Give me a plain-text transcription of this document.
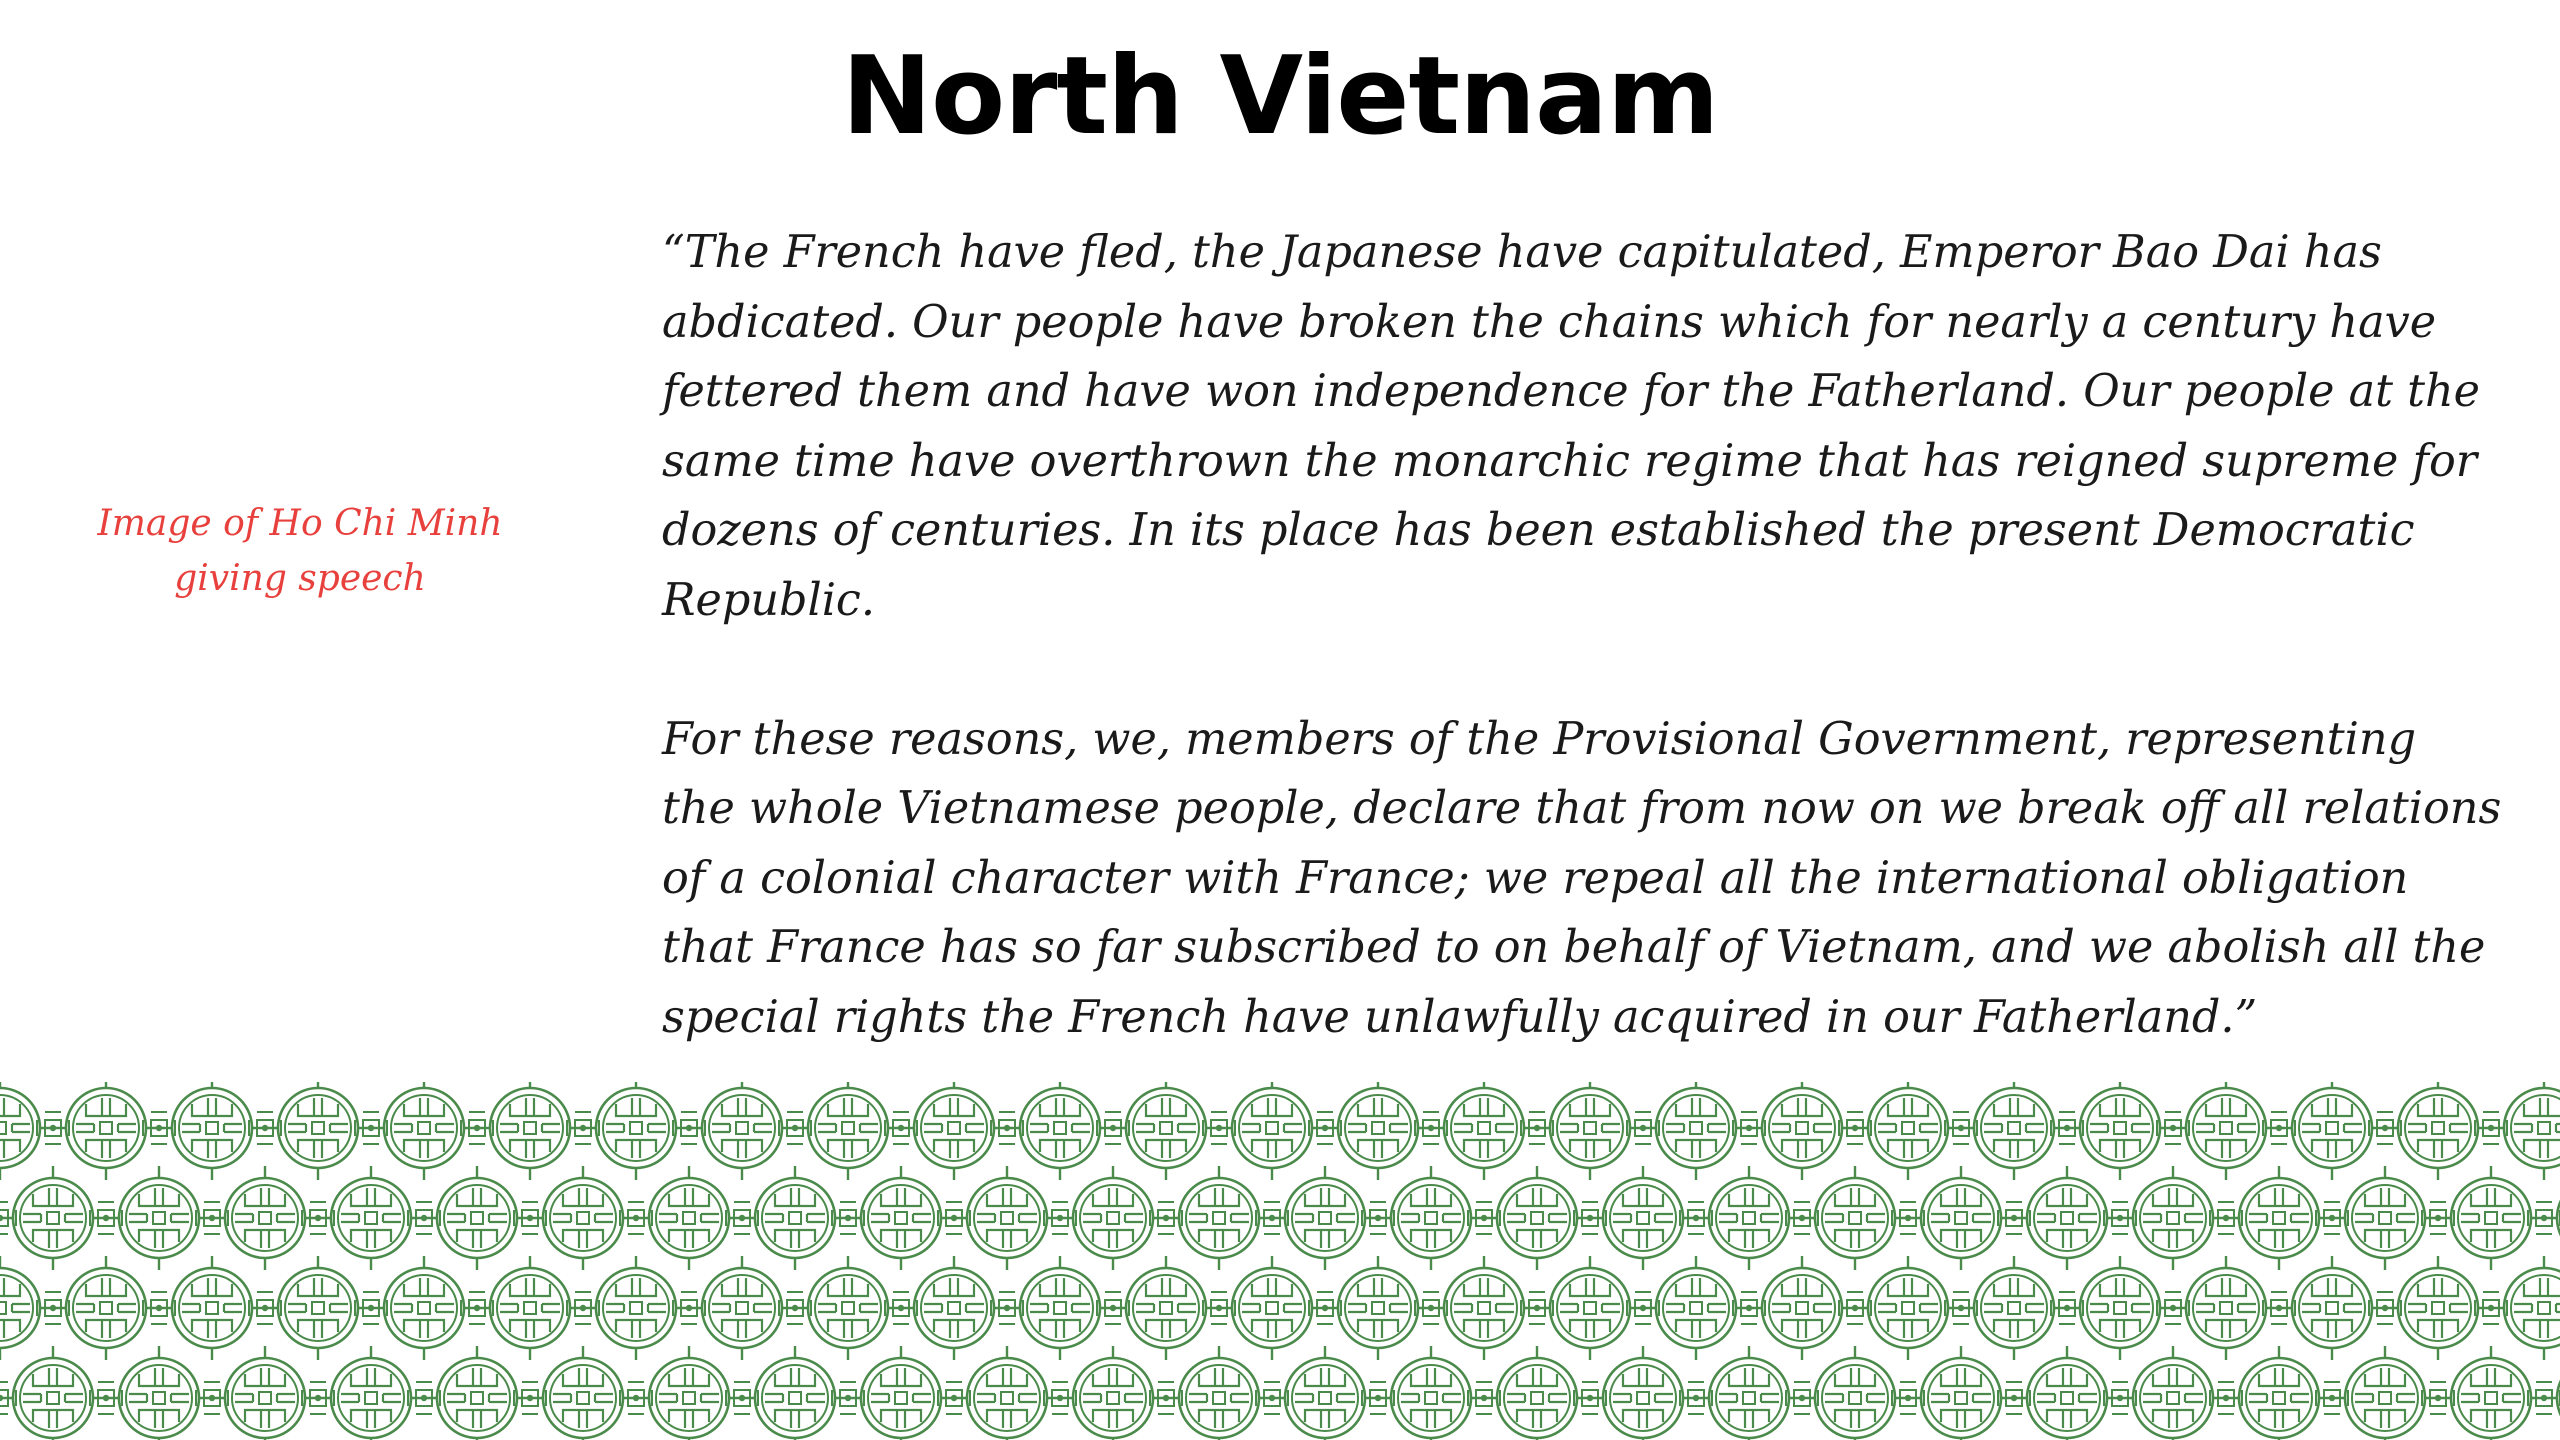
North Vietnam
Image of Ho Chi Minh giving speech

“The French have fled, the Japanese have capitulated, Emperor Bao Dai has abdicated. Our people have broken the chains which for nearly a century have fettered them and have won independence for the Fatherland. Our people at the same time have overthrown the monarchic regime that has reigned supreme for dozens of centuries. In its place has been established the present Democratic Republic.

For these reasons, we, members of the Provisional Government, representing the whole Vietnamese people, declare that from now on we break off all relations of a colonial character with France; we repeal all the international obligation that France has so far subscribed to on behalf of Vietnam, and we abolish all the special rights the French have unlawfully acquired in our Fatherland.”
